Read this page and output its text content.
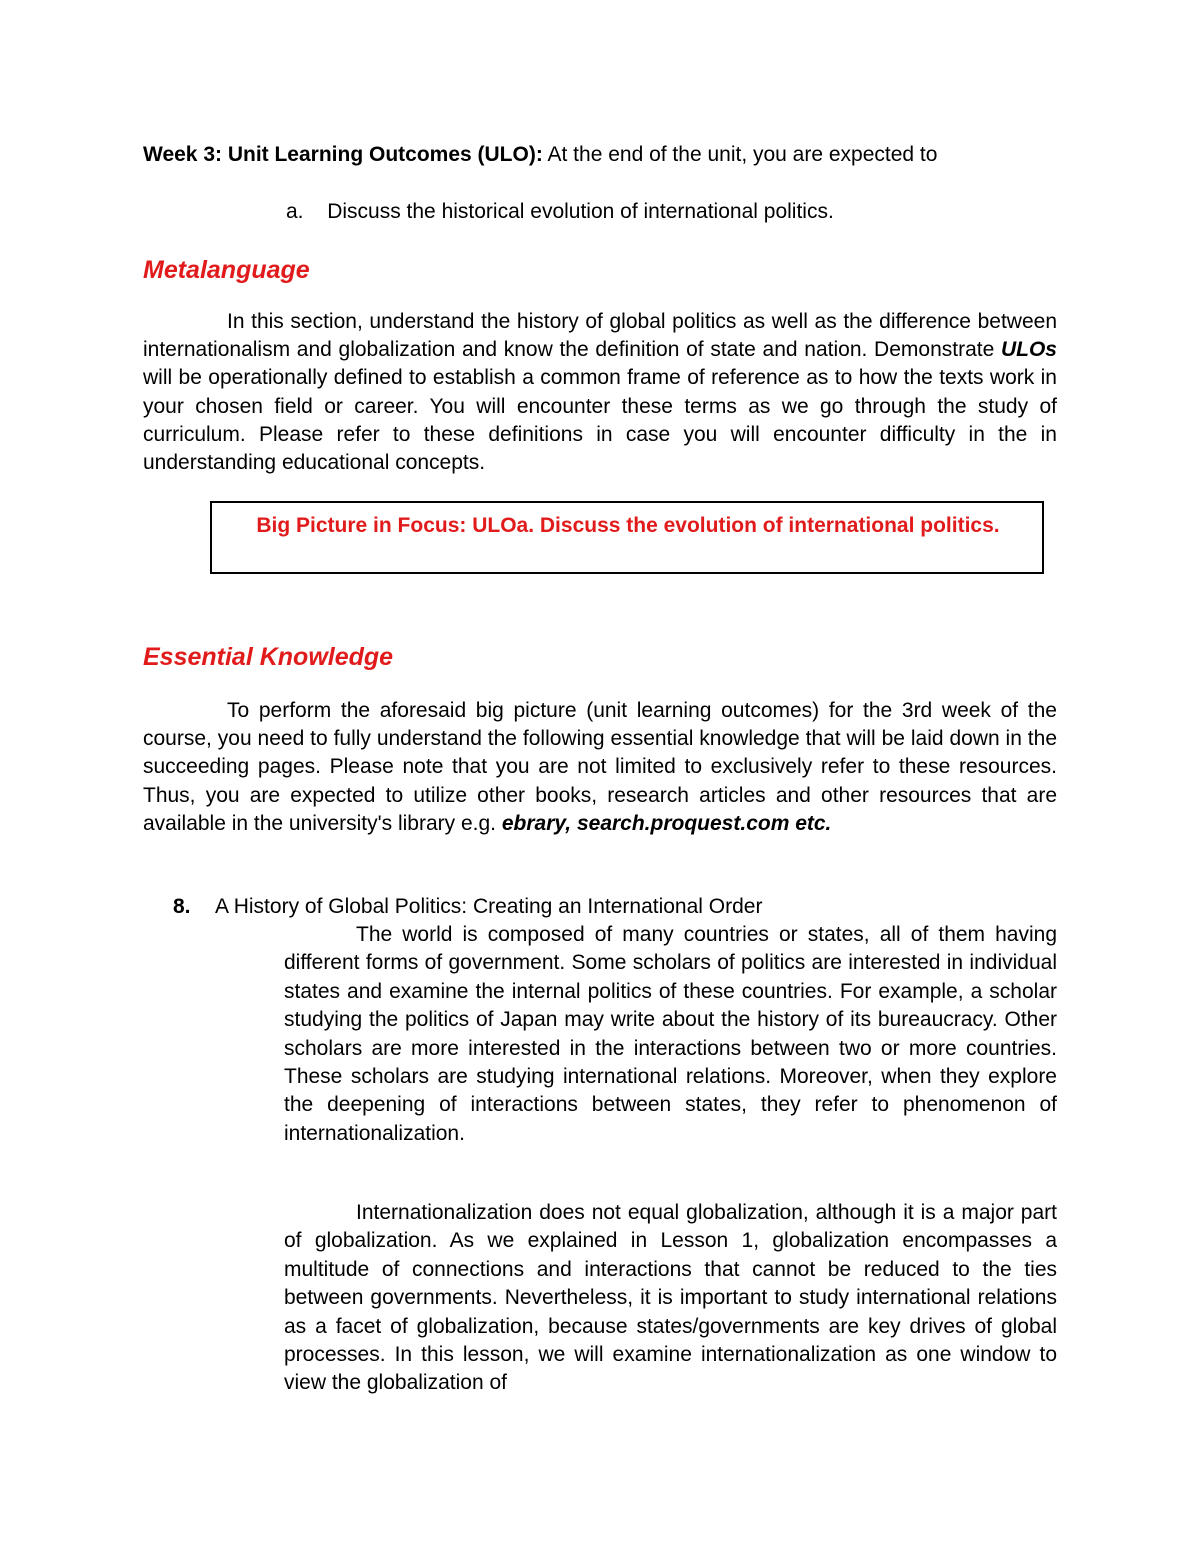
Week 3: Unit Learning Outcomes (ULO): At the end of the unit, you are expected to
a. Discuss the historical evolution of international politics.
Metalanguage
In this section, understand the history of global politics as well as the difference between internationalism and globalization and know the definition of state and nation. Demonstrate ULOs will be operationally defined to establish a common frame of reference as to how the texts work in your chosen field or career. You will encounter these terms as we go through the study of curriculum. Please refer to these definitions in case you will encounter difficulty in the in understanding educational concepts.
Big Picture in Focus: ULOa. Discuss the evolution of international politics.
Essential Knowledge
To perform the aforesaid big picture (unit learning outcomes) for the 3rd week of the course, you need to fully understand the following essential knowledge that will be laid down in the succeeding pages. Please note that you are not limited to exclusively refer to these resources. Thus, you are expected to utilize other books, research articles and other resources that are available in the university's library e.g. ebrary, search.proquest.com etc.
8. A History of Global Politics: Creating an International Order
The world is composed of many countries or states, all of them having different forms of government. Some scholars of politics are interested in individual states and examine the internal politics of these countries. For example, a scholar studying the politics of Japan may write about the history of its bureaucracy. Other scholars are more interested in the interactions between two or more countries. These scholars are studying international relations. Moreover, when they explore the deepening of interactions between states, they refer to phenomenon of internationalization.
Internationalization does not equal globalization, although it is a major part of globalization. As we explained in Lesson 1, globalization encompasses a multitude of connections and interactions that cannot be reduced to the ties between governments. Nevertheless, it is important to study international relations as a facet of globalization, because states/governments are key drives of global processes. In this lesson, we will examine internationalization as one window to view the globalization of
